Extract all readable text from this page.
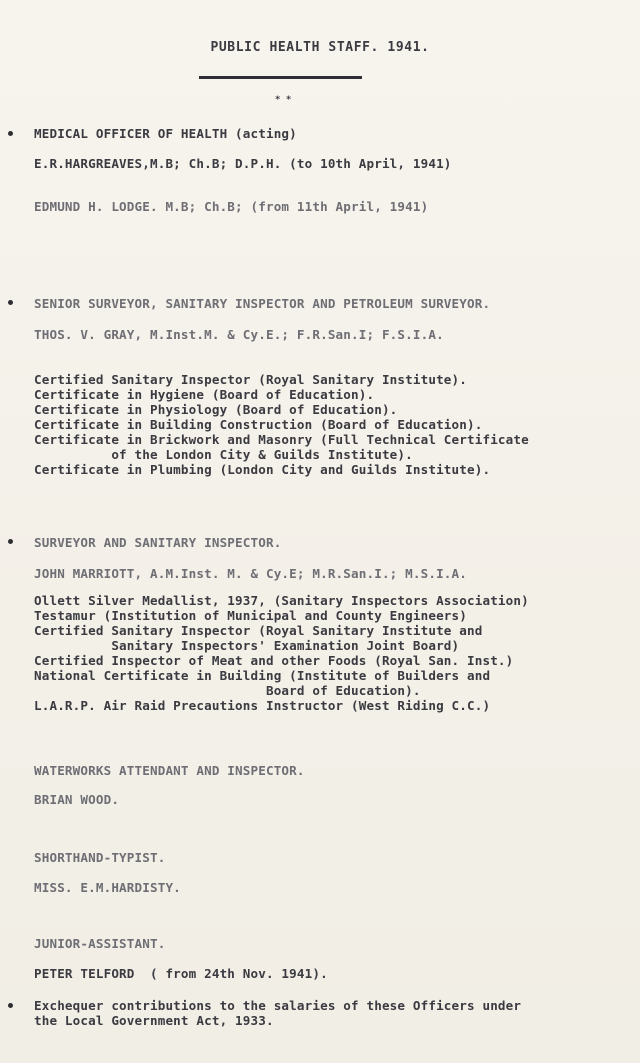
PUBLIC HEALTH STAFF. 1941.
* *
MEDICAL OFFICER OF HEALTH (acting)
E.R.HARGREAVES,M.B; Ch.B; D.P.H. (to 10th April, 1941)
EDMUND H. LODGE. M.B; Ch.B; (from 11th April, 1941)
SENIOR SURVEYOR, SANITARY INSPECTOR AND PETROLEUM SURVEYOR.
THOS. V. GRAY, M.Inst.M. & Cy.E.; F.R.San.I; F.S.I.A.
Certified Sanitary Inspector (Royal Sanitary Institute).
Certificate in Hygiene (Board of Education).
Certificate in Physiology (Board of Education).
Certificate in Building Construction (Board of Education).
Certificate in Brickwork and Masonry (Full Technical Certificate
of the London City & Guilds Institute).
Certificate in Plumbing (London City and Guilds Institute).
SURVEYOR AND SANITARY INSPECTOR.
JOHN MARRIOTT, A.M.Inst. M. & Cy.E; M.R.San.I.; M.S.I.A.
Ollett Silver Medallist, 1937, (Sanitary Inspectors Association)
Testamur (Institution of Municipal and County Engineers)
Certified Sanitary Inspector (Royal Sanitary Institute and
Sanitary Inspectors' Examination Joint Board)
Certified Inspector of Meat and other Foods (Royal San. Inst.)
National Certificate in Building (Institute of Builders and
Board of Education).
L.A.R.P. Air Raid Precautions Instructor (West Riding C.C.)
WATERWORKS ATTENDANT AND INSPECTOR.
BRIAN WOOD.
SHORTHAND-TYPIST.
MISS. E.M.HARDISTY.
JUNIOR-ASSISTANT.
PETER TELFORD  ( from 24th Nov. 1941).
Exchequer contributions to the salaries of these Officers under
the Local Government Act, 1933.
